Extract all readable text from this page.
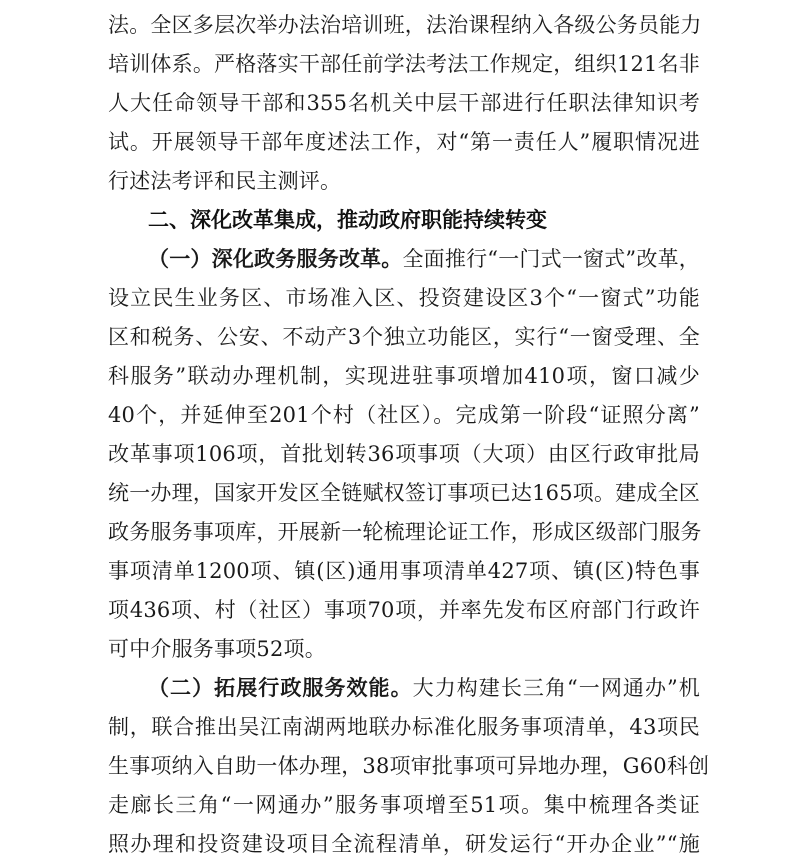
法。全区多层次举办法治培训班，法治课程纳入各级公务员能力
培训体系。严格落实干部任前学法考法工作规定，组织121名非
人大任命领导干部和355名机关中层干部进行任职法律知识考
试。开展领导干部年度述法工作，对“第一责任人”履职情况进
行述法考评和民主测评。
二、深化改革集成，推动政府职能持续转变
（一）深化政务服务改革。全面推行“一门式一窗式”改革，
设立民生业务区、市场准入区、投资建设区3个“一窗式”功能
区和税务、公安、不动产3个独立功能区，实行“一窗受理、全
科服务”联动办理机制，实现进驻事项增加410项，窗口减少
40个，并延伸至201个村（社区）。完成第一阶段“证照分离”
改革事项106项，首批划转36项事项（大项）由区行政审批局
统一办理，国家开发区全链赋权签订事项已达165项。建成全区
政务服务事项库，开展新一轮梳理论证工作，形成区级部门服务
事项清单1200项、镇(区)通用事项清单427项、镇(区)特色事
项436项、村（社区）事项70项，并率先发布区府部门行政许
可中介服务事项52项。
（二）拓展行政服务效能。大力构建长三角“一网通办”机
制，联合推出吴江南湖两地联办标准化服务事项清单，43项民
生事项纳入自助一体办理，38项审批事项可异地办理，G60科创
走廊长三角“一网通办”服务事项增至51项。集中梳理各类证
照办理和投资建设项目全流程清单，研发运行“开办企业”“施
